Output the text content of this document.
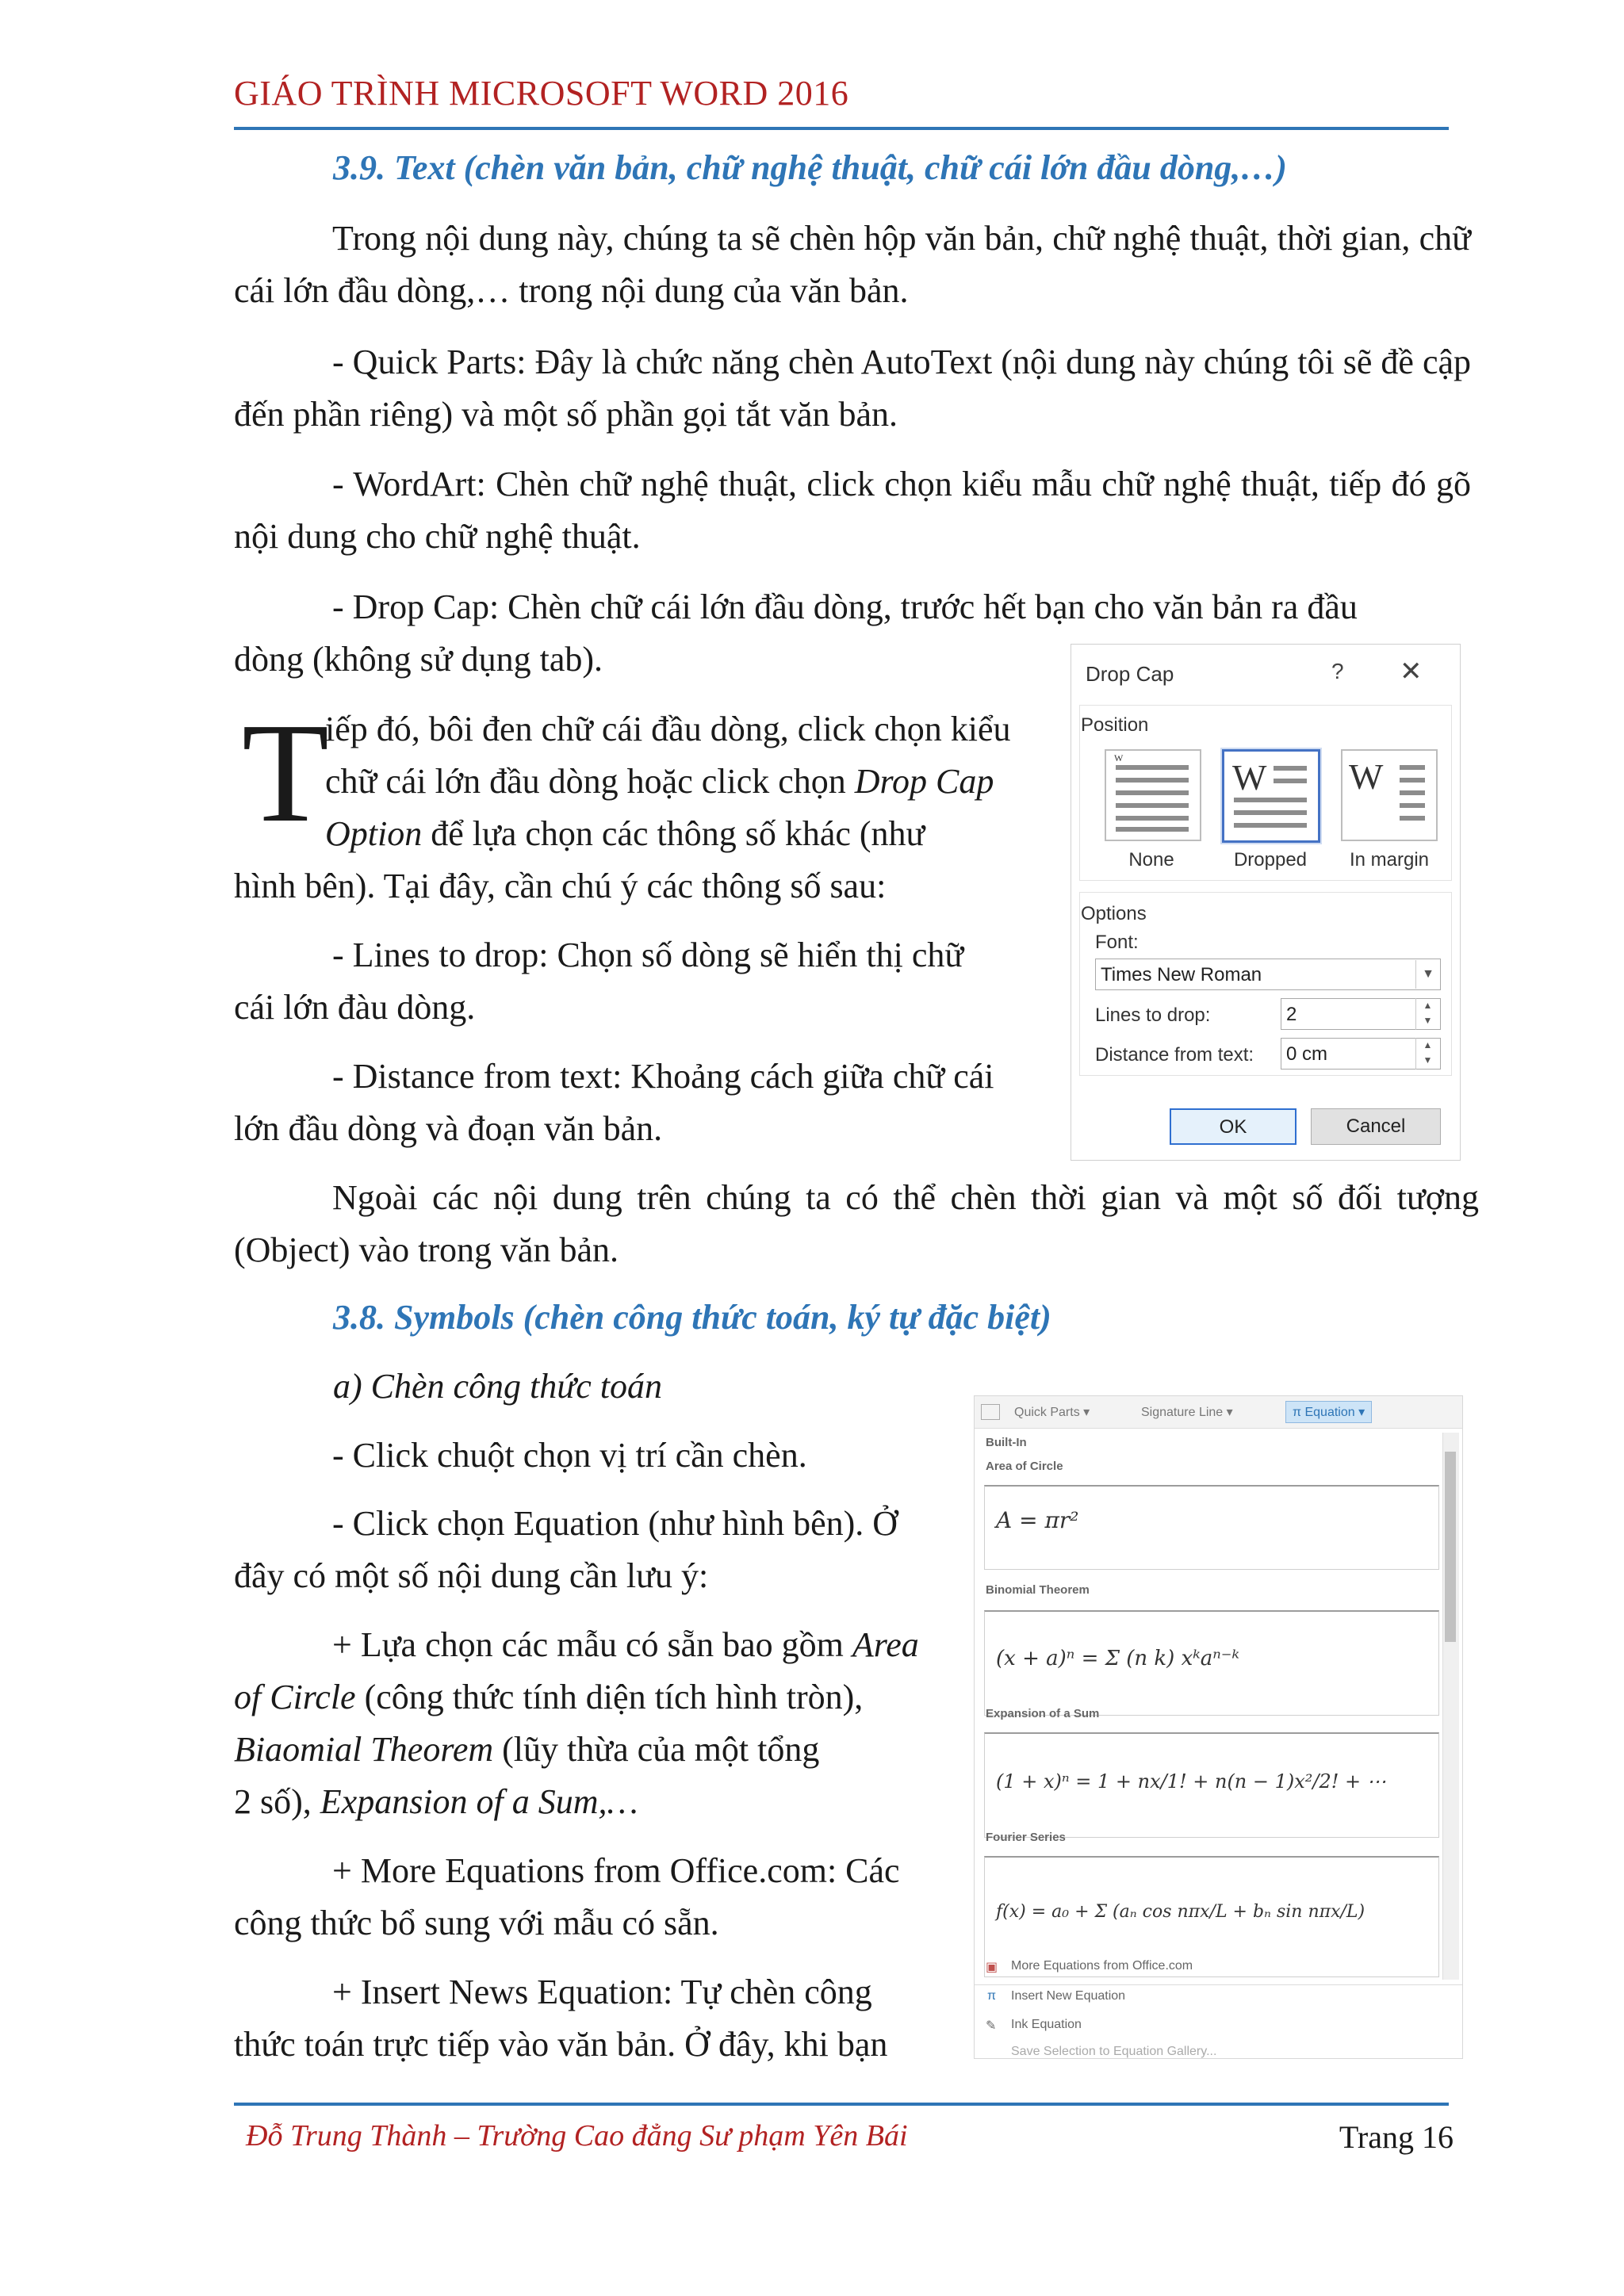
GIÁO TRÌNH MICROSOFT WORD 2016
3.9. Text (chèn văn bản, chữ nghệ thuật, chữ cái lớn đầu dòng,…)

Trong nội dung này, chúng ta sẽ chèn hộp văn bản, chữ nghệ thuật, thời gian, chữ cái lớn đầu dòng,… trong nội dung của văn bản.

- Quick Parts: Đây là chức năng chèn AutoText (nội dung này chúng tôi sẽ đề cập đến phần riêng) và một số phần gọi tắt văn bản.

- WordArt: Chèn chữ nghệ thuật, click chọn kiểu mẫu chữ nghệ thuật, tiếp đó gõ nội dung cho chữ nghệ thuật.

- Drop Cap: Chèn chữ cái lớn đầu dòng, trước hết bạn cho văn bản ra đầu
dòng (không sử dụng tab).
T
iếp đó, bôi đen chữ cái đầu dòng, click chọn kiểu
chữ cái lớn đầu dòng hoặc click chọn Drop Cap
Option để lựa chọn các thông số khác (như
hình bên). Tại đây, cần chú ý các thông số sau:
- Lines to drop: Chọn số dòng sẽ hiển thị chữ
cái lớn đàu dòng.
- Distance from text: Khoảng cách giữa chữ cái
lớn đầu dòng và đoạn văn bản.

Ngoài các nội dung trên chúng ta có thể chèn thời gian và một số đối tượng (Object) vào trong văn bản.

Drop Cap	? ✕
Position
W
None
W
Dropped
W
In margin
Options
Font:
Times New Roman	▼
Lines to drop:	2	▲
▼
Distance from text: 0 cm	▲
▼
OK	Cancel
3.8. Symbols (chèn công thức toán, ký tự đặc biệt)
a) Chèn công thức toán
- Click chuột chọn vị trí cần chèn.
- Click chọn Equation (như hình bên). Ở
đây có một số nội dung cần lưu ý:
+ Lựa chọn các mẫu có sẵn bao gồm Area
of Circle (công thức tính diện tích hình tròn),
Biaomial Theorem (lũy thừa của một tổng
2 số), Expansion of a Sum,…
+ More Equations from Office.com: Các
công thức bổ sung với mẫu có sẵn.
+ Insert News Equation: Tự chèn công
thức toán trực tiếp vào văn bản. Ở đây, khi bạn
Quick Parts ▾	Signature Line ▾	π Equation ▾
Built-In
Area of Circle
A = πr²
Binomial Theorem
(x + a)ⁿ = Σ (n k) xᵏaⁿ⁻ᵏ
Expansion of a Sum
(1 + x)ⁿ = 1 + nx/1! + n(n − 1)x²/2! + ⋯
Fourier Series
f(x) = a₀ + Σ (aₙ cos nπx/L + bₙ sin nπx/L)
More Equations from Office.com
Insert New Equation
Ink Equation
Save Selection to Equation Gallery...
▣
π
✎
Đỗ Trung Thành – Trường Cao đẳng Sư phạm Yên Bái	Trang 16
